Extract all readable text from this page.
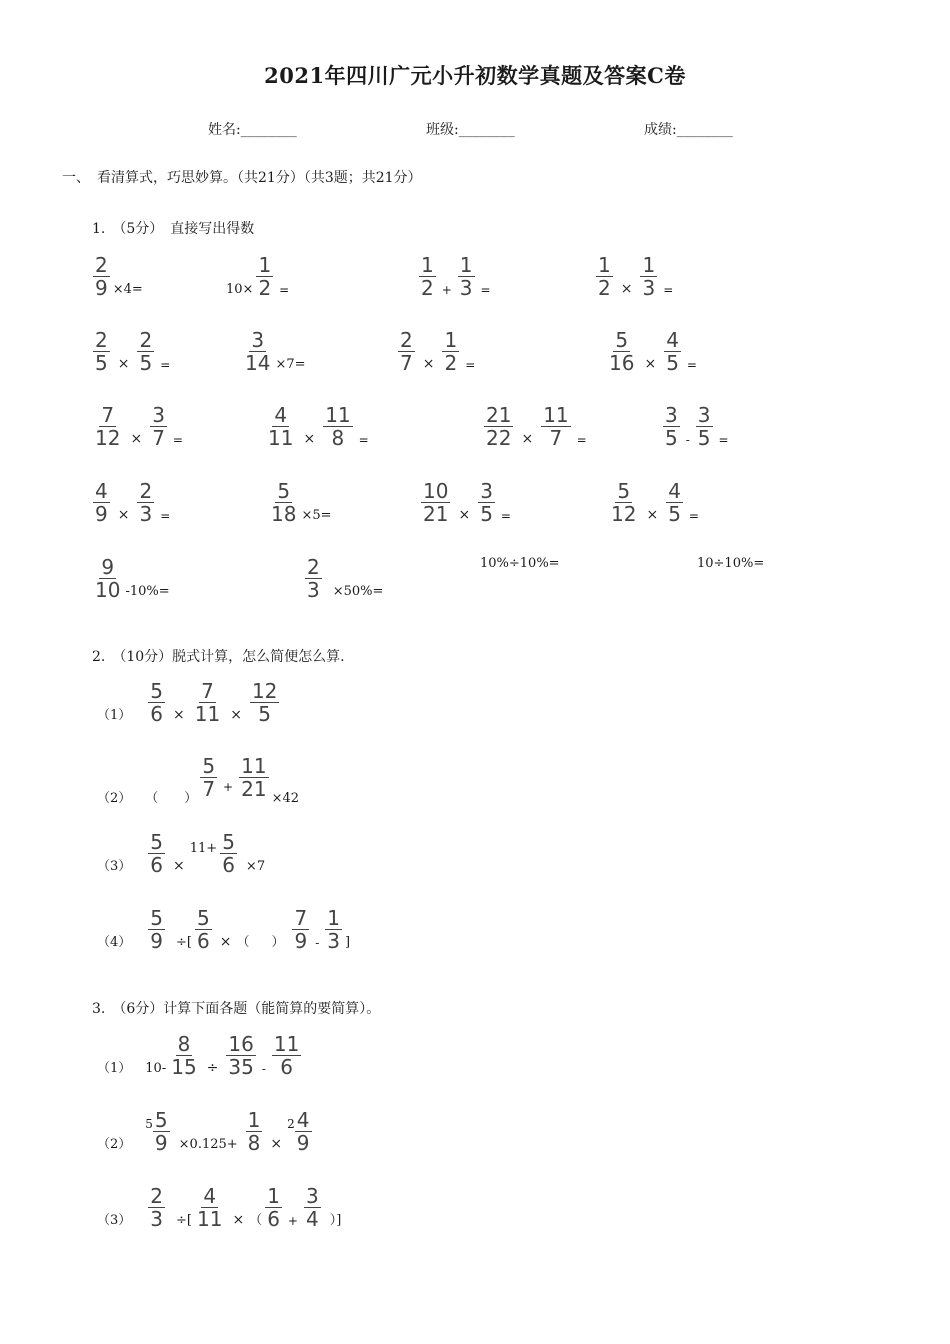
2021年四川广元小升初数学真题及答案C卷
姓名:________	班级:________	成绩:________
一、　看清算式，巧思妙算。（共21分）（共3题；共21分）
1.　（5分）　直接写出得数
$\frac{2}{9} \times 4=$	$10\times \frac{1}{2}$ =	$\frac{1}{2} + \frac{1}{3}$ =	$\frac{1}{2} \times \frac{1}{3}$ =
$\frac{2}{5} \times \frac{2}{5}$ =	$\frac{3}{14} \times 7=$	$\frac{2}{7} \times \frac{1}{2}$ =	$\frac{5}{16} \times \frac{4}{5}$ =
$\frac{7}{12} \times \frac{3}{7}$ =	$\frac{4}{11} \times \frac{11}{8}$ =	$\frac{21}{22} \times \frac{11}{7}$ =	$\frac{3}{5} - \frac{3}{5}$ =
$\frac{4}{9} \times \frac{2}{3}$ =	$\frac{5}{18} \times 5=$	$\frac{10}{21} \times \frac{3}{5}$ =	$\frac{5}{12} \times \frac{4}{5}$ =
$\frac{9}{10} -10\%=$	$\frac{2}{3} \times 50\%=$
10%÷10%=	10÷10%=
2.　（10分）脱式计算，怎么简便怎么算.
$(1) \frac{5}{6} \times \frac{7}{11} \times \frac{12}{5}$
（2） （ ） $\frac{5}{7} + \frac{11}{21} \times 42$
$(3) \frac{5}{6}$ ×
$11+ \frac{5}{6} \times 7$
$(4) \frac{5}{9}$ ÷[ $\frac{5}{6}$ × （ ） $\frac{7}{9} - \frac{1}{3}$ ]
3.　（6分）计算下面各题（能简算的要简算）。
（1） $10- \frac{8}{15} \div \frac{16}{35} - \frac{11}{6}$
（2）
$5 \frac{5}{9} \times 0.125+ \frac{1}{8}$ ×
$2 \frac{4}{9}$
$(3) \frac{2}{3}$ ÷[ $\frac{4}{11}$ × （ $\frac{1}{6} + \frac{3}{4}$ ）]
